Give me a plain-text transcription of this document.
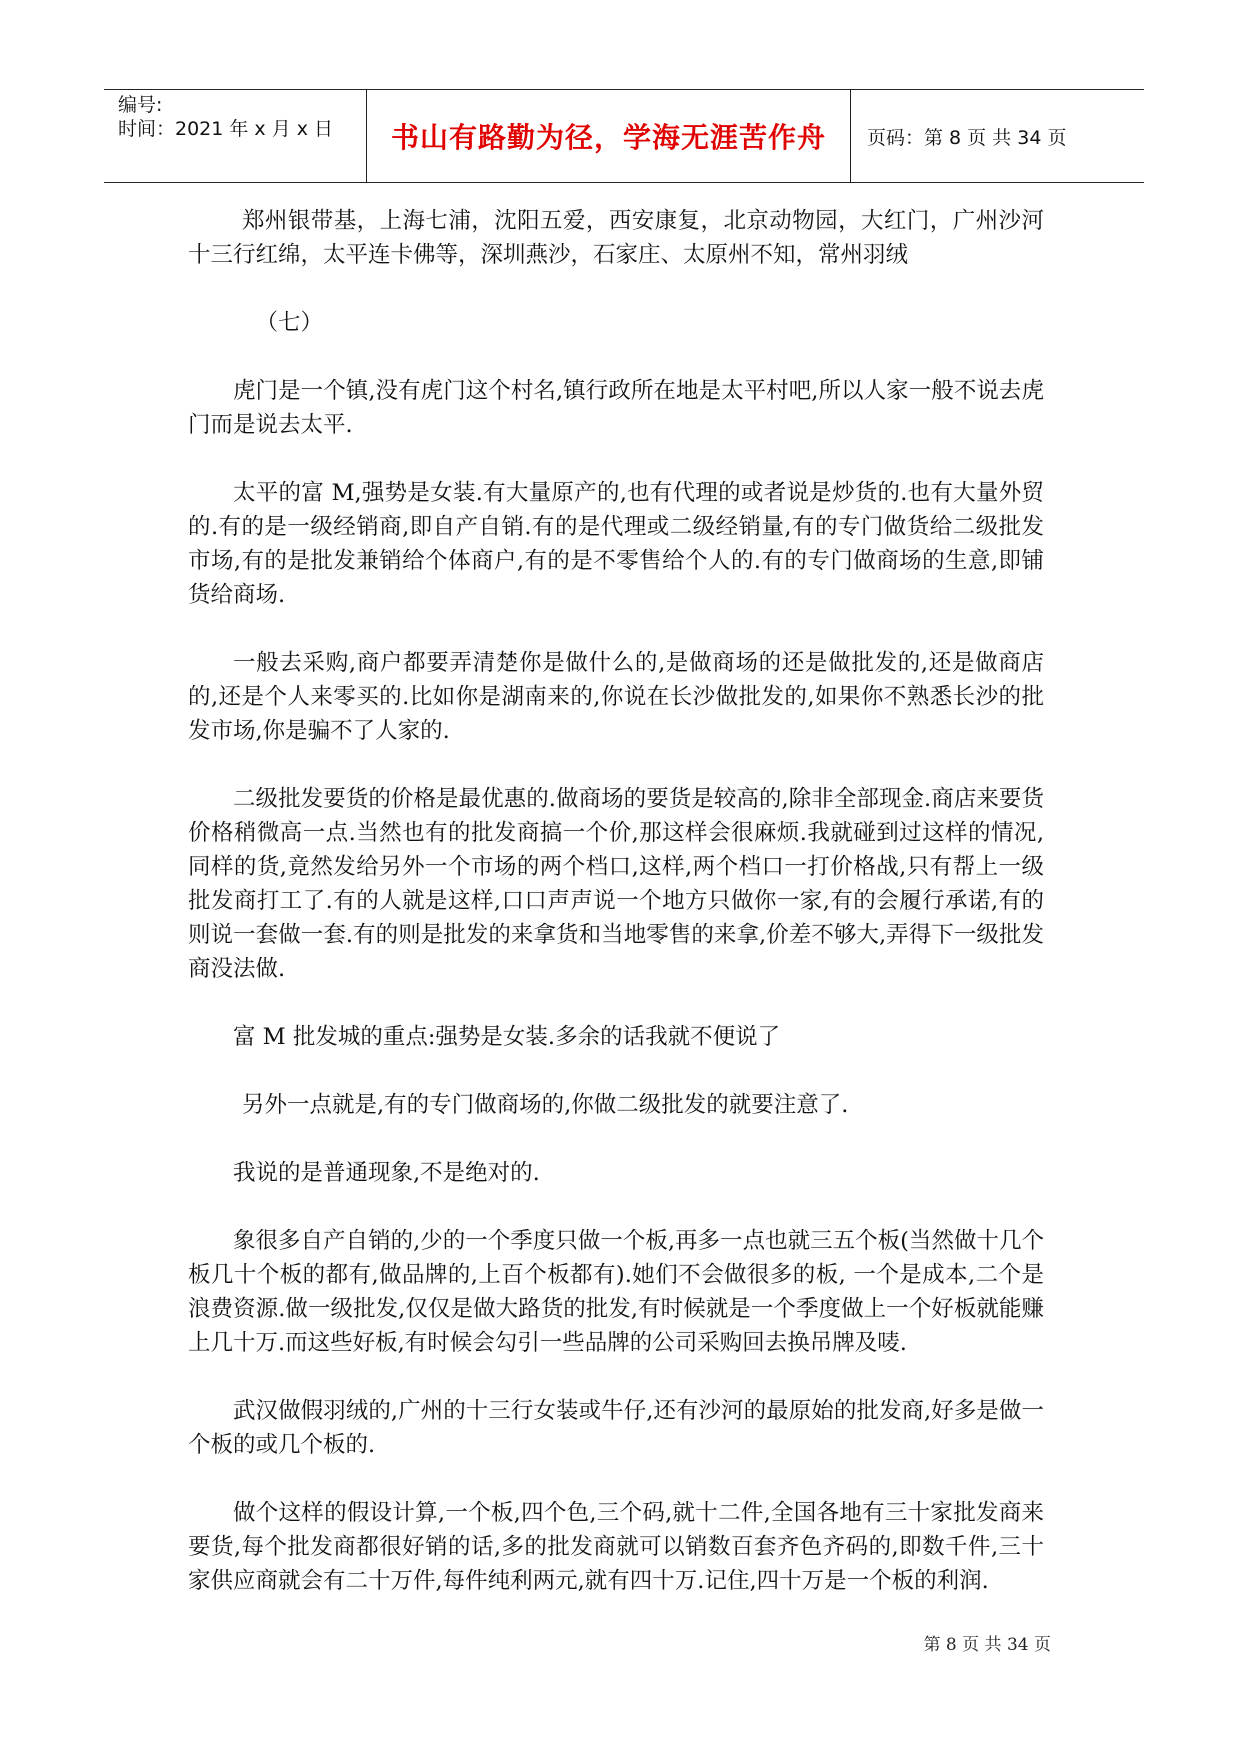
编号:
时间：2021 年 x 月 x 日 书山有路勤为径，学海无涯苦作舟 页码：第 8 页 共 34 页

郑州银带基，上海七浦，沈阳五爱，西安康复，北京动物园，大红门，广州沙河十三行红绵，太平连卡佛等，深圳燕沙，石家庄、太原州不知，常州羽绒

（七）

虎门是一个镇,没有虎门这个村名,镇行政所在地是太平村吧,所以人家一般不说去虎门而是说去太平.

太平的富 M,强势是女装.有大量原产的,也有代理的或者说是炒货的.也有大量外贸的.有的是一级经销商,即自产自销.有的是代理或二级经销量,有的专门做货给二级批发市场,有的是批发兼销给个体商户,有的是不零售给个人的.有的专门做商场的生意,即铺货给商场.

一般去采购,商户都要弄清楚你是做什么的,是做商场的还是做批发的,还是做商店的,还是个人来零买的.比如你是湖南来的,你说在长沙做批发的,如果你不熟悉长沙的批发市场,你是骗不了人家的.

二级批发要货的价格是最优惠的.做商场的要货是较高的,除非全部现金.商店来要货价格稍微高一点.当然也有的批发商搞一个价,那这样会很麻烦.我就碰到过这样的情况,同样的货,竟然发给另外一个市场的两个档口,这样,两个档口一打价格战,只有帮上一级批发商打工了.有的人就是这样,口口声声说一个地方只做你一家,有的会履行承诺,有的则说一套做一套.有的则是批发的来拿货和当地零售的来拿,价差不够大,弄得下一级批发商没法做.

富 M 批发城的重点:强势是女装.多余的话我就不便说了

另外一点就是,有的专门做商场的,你做二级批发的就要注意了.

我说的是普通现象,不是绝对的.

象很多自产自销的,少的一个季度只做一个板,再多一点也就三五个板(当然做十几个板几十个板的都有,做品牌的,上百个板都有).她们不会做很多的板, 一个是成本,二个是浪费资源.做一级批发,仅仅是做大路货的批发,有时候就是一个季度做上一个好板就能赚上几十万.而这些好板,有时候会勾引一些品牌的公司采购回去换吊牌及唛.

武汉做假羽绒的,广州的十三行女装或牛仔,还有沙河的最原始的批发商,好多是做一个板的或几个板的.

做个这样的假设计算,一个板,四个色,三个码,就十二件,全国各地有三十家批发商来要货,每个批发商都很好销的话,多的批发商就可以销数百套齐色齐码的,即数千件,三十家供应商就会有二十万件,每件纯利两元,就有四十万.记住,四十万是一个板的利润.

第 8 页 共 34 页
